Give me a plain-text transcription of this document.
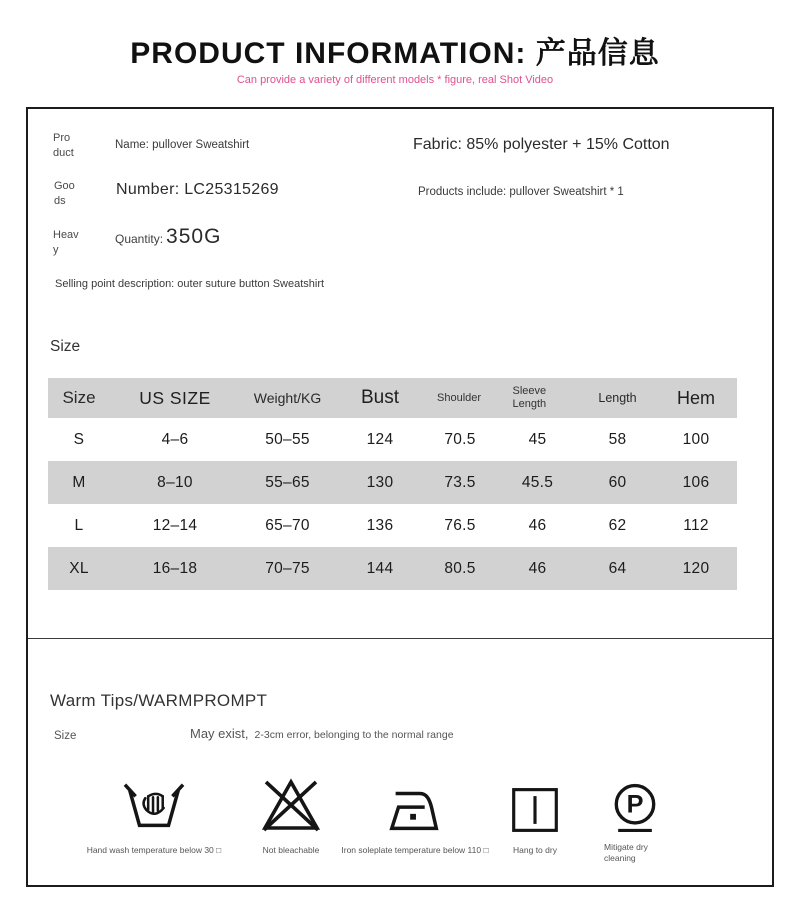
PRODUCT INFORMATION: 产品信息
Can provide a variety of different models * figure, real Shot Video
Product
Name: pullover Sweatshirt	Fabric: 85% polyester + 15% Cotton
Goods
Number: LC25315269	Products include: pullover Sweatshirt * 1
Heavy
Quantity: 350G
Selling point description: outer suture button Sweatshirt
Size
Size	US SIZE	Weight/KG	Bust	Shoulder	Sleeve Length	Length	Hem
S	4–6	50–55	124	70.5	45	58	100
M	8–10	55–65	130	73.5	45.5	60	106
L	12–14	65–70	136	76.5	46	62	112
XL	16–18	70–75	144	80.5	46	64	120
Warm Tips/WARMPROMPT
Size	May exist, 2-3cm error, belonging to the normal range
Hand wash temperature below 30 □	Not bleachable	Iron soleplate temperature below 110 □	Hang to dry
P
Mitigate dry cleaning
